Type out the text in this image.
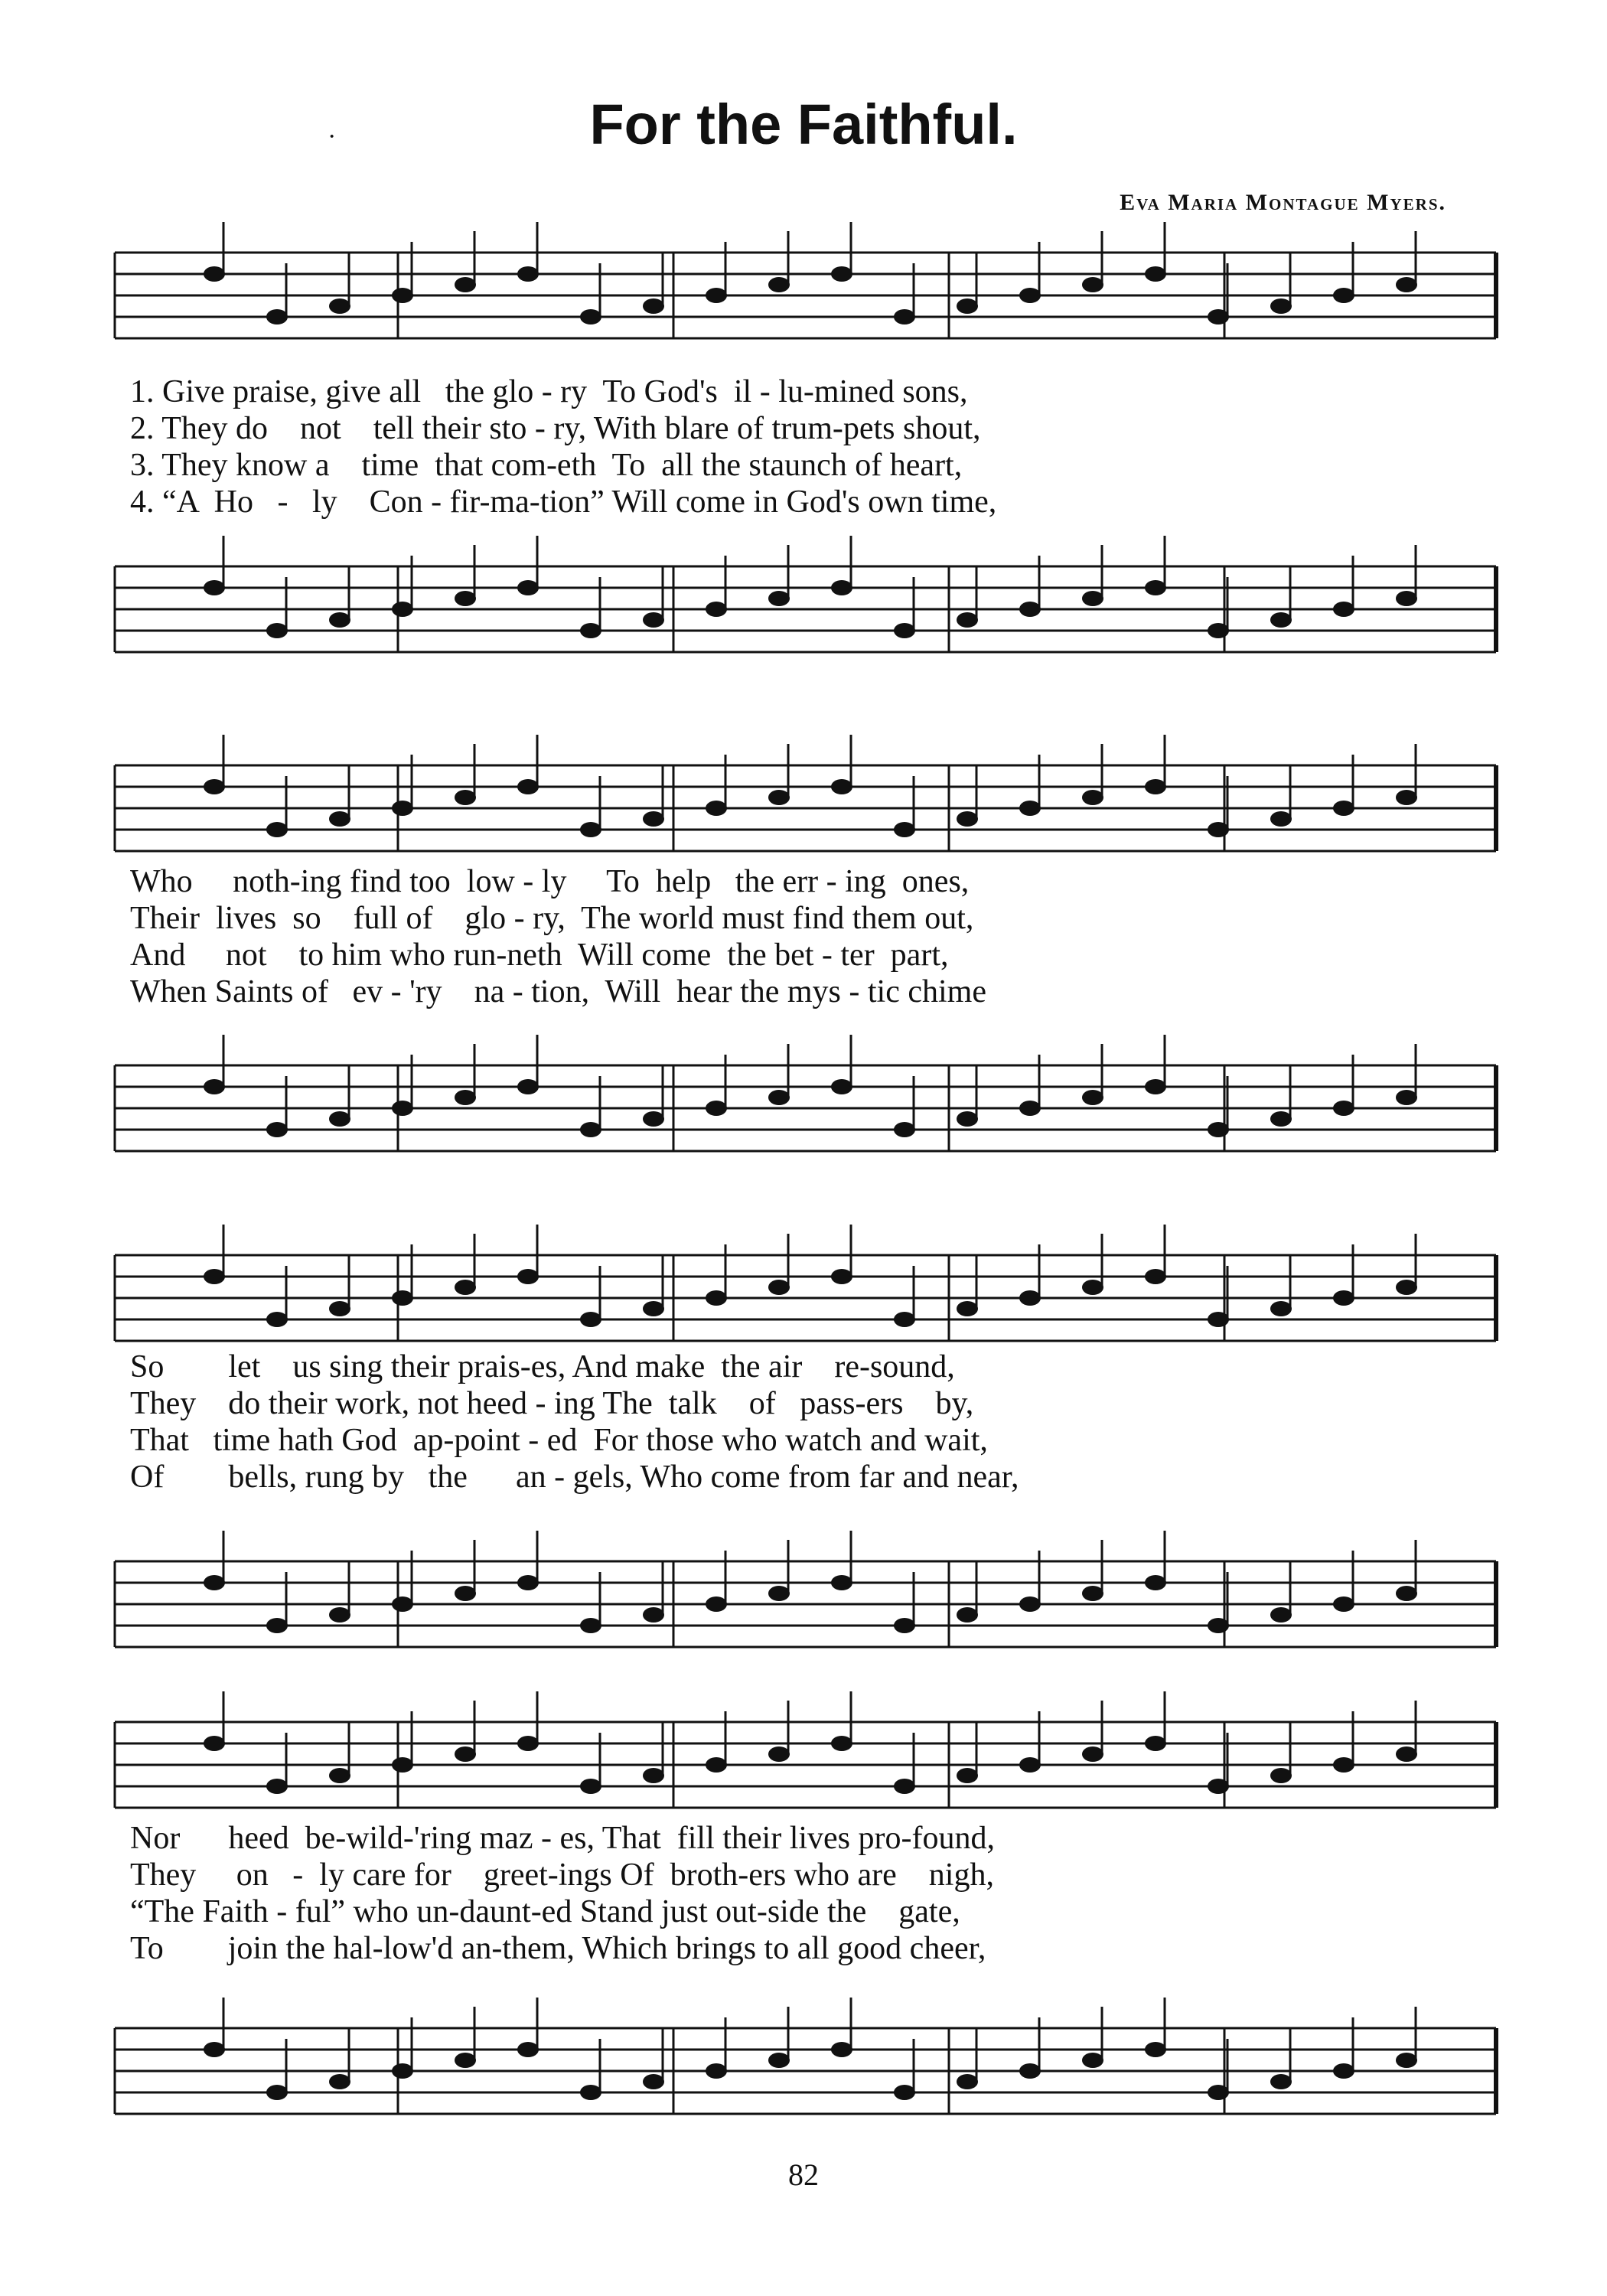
·	For the Faithful.
Eva Maria Montague Myers.
1. Give praise, give all   the glo - ry  To God's  il - lu-mined sons,
2. They do    not    tell their sto - ry, With blare of trum-pets shout,
3. They know a    time  that com-eth  To  all the staunch of heart,
4. “A  Ho   -   ly    Con - fir-ma-tion” Will come in God's own time,
Who     noth-ing find too  low - ly     To  help   the err - ing  ones,
Their  lives  so    full of    glo - ry,  The world must find them out,
And     not    to him who run-neth  Will come  the bet - ter  part,
When Saints of   ev - 'ry    na - tion,  Will  hear the mys - tic chime
So        let    us sing their prais-es, And make  the air    re-sound,
They    do their work, not heed - ing The  talk    of   pass-ers    by,
That   time hath God  ap-point - ed  For those who watch and wait,
Of        bells, rung by   the      an - gels, Who come from far and near,
Nor      heed  be-wild-'ring maz - es, That  fill their lives pro-found,
They     on   -  ly care for    greet-ings Of  broth-ers who are    nigh,
“The Faith - ful” who un-daunt-ed Stand just out-side the    gate,
To        join the hal-low'd an-them, Which brings to all good cheer,
82
